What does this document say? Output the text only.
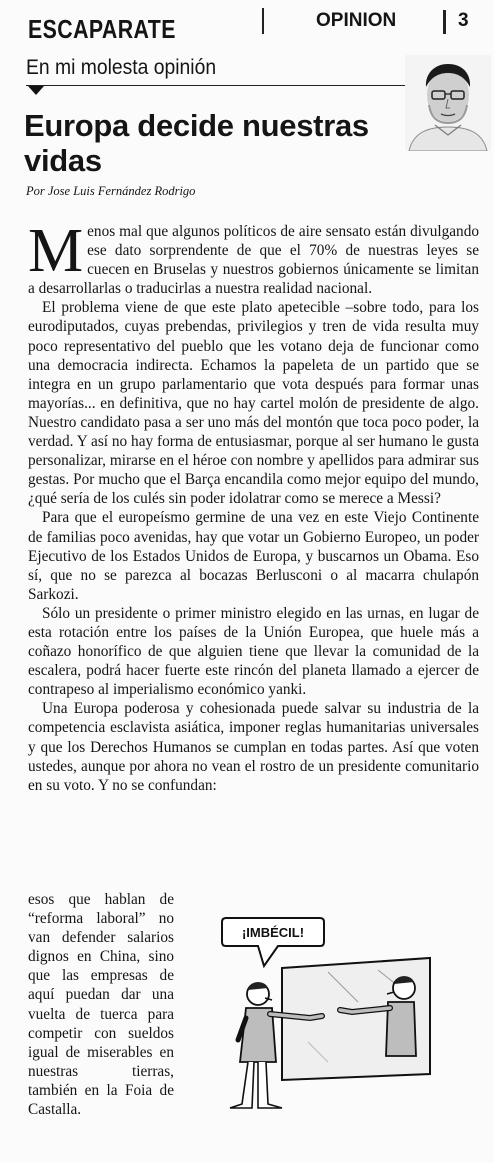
ESCAPARATE	OPINION	3
En mi molesta opinión
Europa decide nuestras vidas
Por Jose Luis Fernández Rodrigo

Menos mal que algunos políticos de aire sensato están divulgando ese dato sorprendente de que el 70% de nuestras leyes se cuecen en Bruselas y nuestros gobiernos únicamente se limitan a desarrollarlas o traducirlas a nuestra realidad nacional.

El problema viene de que este plato apetecible –sobre todo, para los eurodiputados, cuyas prebendas, privilegios y tren de vida resulta muy poco representativo del pueblo que les votano deja de funcionar como una democracia indirecta. Echamos la papeleta de un partido que se integra en un grupo parlamentario que vota después para formar unas mayorías... en definitiva, que no hay cartel molón de presidente de algo. Nuestro candidato pasa a ser uno más del montón que toca poco poder, la verdad. Y así no hay forma de entusiasmar, porque al ser humano le gusta personalizar, mirarse en el héroe con nombre y apellidos para admirar sus gestas. Por mucho que el Barça encandila como mejor equipo del mundo, ¿qué sería de los culés sin poder idolatrar como se merece a Messi?

Para que el europeísmo germine de una vez en este Viejo Continente de familias poco avenidas, hay que votar un Gobierno Europeo, un poder Ejecutivo de los Estados Unidos de Europa, y buscarnos un Obama. Eso sí, que no se parezca al bocazas Berlusconi o al macarra chulapón Sarkozi.

Sólo un presidente o primer ministro elegido en las urnas, en lugar de esta rotación entre los países de la Unión Europea, que huele más a coñazo honorífico de que alguien tiene que llevar la comunidad de la escalera, podrá hacer fuerte este rincón del planeta llamado a ejercer de contrapeso al imperialismo económico yanki.

Una Europa poderosa y cohesionada puede salvar su industria de la competencia esclavista asiática, imponer reglas humanitarias universales y que los Derechos Humanos se cumplan en todas partes. Así que voten ustedes, aunque por ahora no vean el rostro de un presidente comunitario en su voto. Y no se confundan:

esos que hablan de “reforma laboral” no van defender salarios dignos en China, sino que las empresas de aquí puedan dar una vuelta de tuerca para competir con sueldos igual de miserables en nuestras tierras, también en la Foia de Castalla.
¡IMBÉCIL!
